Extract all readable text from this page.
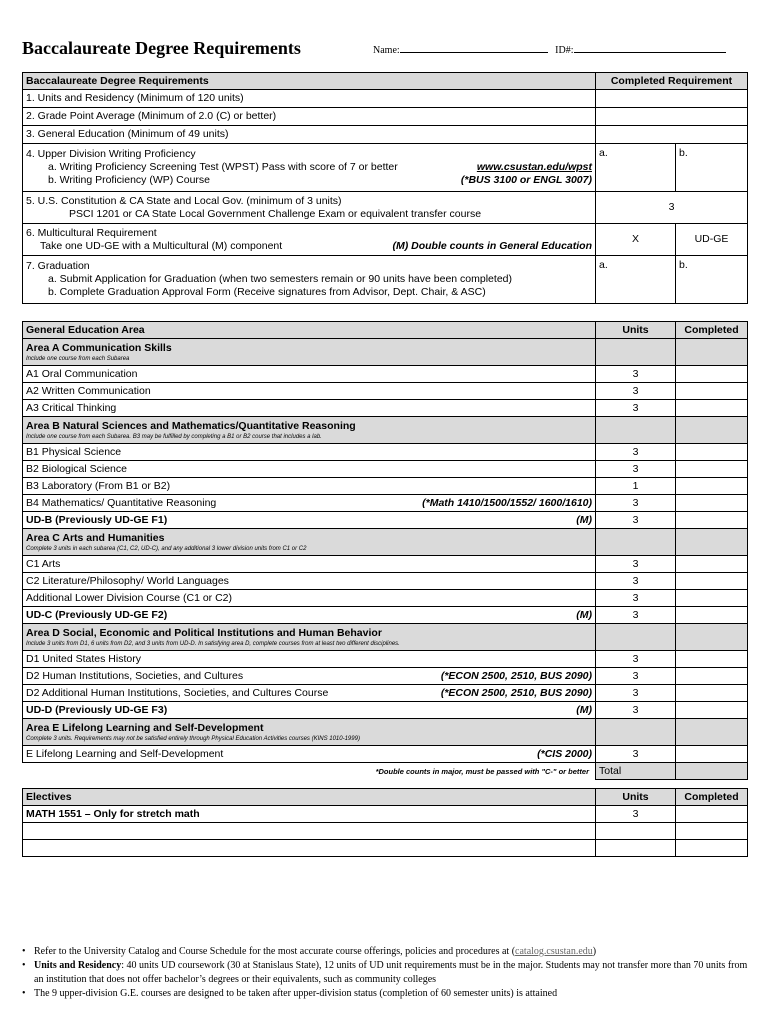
Baccalaureate Degree Requirements	Name:	ID#:
Baccalaureate Degree Requirements	Completed Requirement	
1. Units and Residency (Minimum of 120 units)		
2. Grade Point Average (Minimum of 2.0 (C) or better)		
3. General Education (Minimum of 49 units)		

4. Upper Division Writing Proficiency
a. Writing Proficiency Screening Test (WPST) Pass with score of 7 or better www.csustan.edu/wpst
b. Writing Proficiency (WP) Course (*BUS 3100 or ENGL 3007)	a.	b.

5. U.S. Constitution & CA State and Local Gov. (minimum of 3 units)
PSCI 1201 or CA State Local Government Challenge Exam or equivalent transfer course	3	

6. Multicultural Requirement
Take one UD-GE with a Multicultural (M) component (M) Double counts in General Education	X	UD-GE

7. Graduation
a. Submit Application for Graduation (when two semesters remain or 90 units have been completed)
b. Complete Graduation Approval Form (Receive signatures from Advisor, Dept. Chair, & ASC)	a.	b.
General Education Area	Units	Completed

Area A Communication Skills
Include one course from each Subarea		

A1 Oral Communication	3	
A2 Written Communication	3	
A3 Critical Thinking	3	

Area B Natural Sciences and Mathematics/Quantitative Reasoning
Include one course from each Subarea. B3 may be fulfilled by completing a B1 or B2 course that includes a lab.		

B1 Physical Science	3	
B2 Biological Science	3	
B3 Laboratory (From B1 or B2)	1	

B4 Mathematics/ Quantitative Reasoning (*Math 1410/1500/1552/ 1600/1610)	3	

UD-B (Previously UD-GE F1) (M)	3	

Area C Arts and Humanities
Complete 3 units in each subarea (C1, C2, UD-C), and any additional 3 lower division units from C1 or C2		

C1 Arts	3	
C2 Literature/Philosophy/ World Languages	3	
Additional Lower Division Course (C1 or C2)	3	

UD-C (Previously UD-GE F2) (M)	3	

Area D Social, Economic and Political Institutions and Human Behavior
Include 3 units from D1, 6 units from D2, and 3 units from UD-D. In satisfying area D, complete courses from at least two different disciplines.		

D1 United States History	3	

D2 Human Institutions, Societies, and Cultures (*ECON 2500, 2510, BUS 2090)	3	

D2 Additional Human Institutions, Societies, and Cultures Course (*ECON 2500, 2510, BUS 2090)	3	

UD-D (Previously UD-GE F3) (M)	3	

Area E Lifelong Learning and Self-Development
Complete 3 units. Requirements may not be satisfied entirely through Physical Education Activities courses (KINS 1010-1999)		

E Lifelong Learning and Self-Development (*CIS 2000)	3	
*Double counts in major, must be passed with "C-" or better	Total	
Electives	Units	Completed
MATH 1551 – Only for stretch math	3	

• Refer to the University Catalog and Course Schedule for the most accurate course offerings, policies and procedures at (catalog.csustan.edu)
• Units and Residency: 40 units UD coursework (30 at Stanislaus State), 12 units of UD unit requirements must be in the major. Students may not transfer more than 70 units from an institution that does not offer bachelor’s degrees or their equivalents, such as community colleges
• The 9 upper-division G.E. courses are designed to be taken after upper-division status (completion of 60 semester units) is attained
